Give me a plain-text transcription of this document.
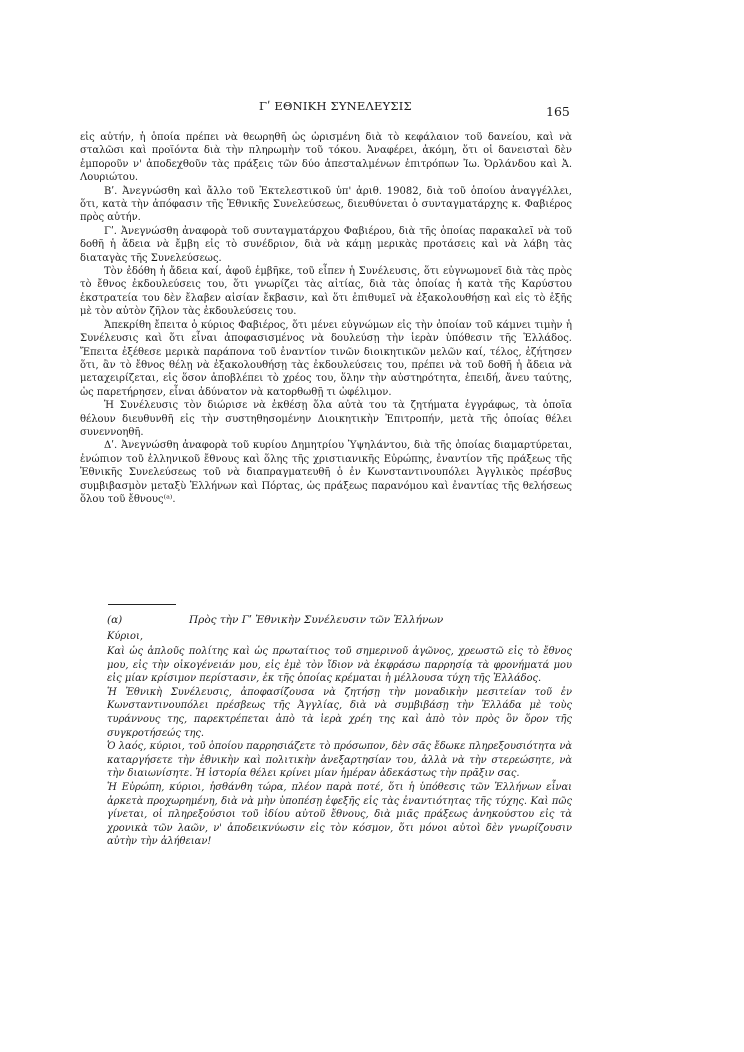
Γʹ ΕΘΝΙΚΗ ΣΥΝΕΛΕΥΣΙΣ	165

εἰς αὐτήν, ἡ ὁποία πρέπει νὰ θεωρηθῆ ὡς ὡρισμένη διὰ τὸ κεφάλαιον τοῦ δανείου, καὶ νὰ σταλῶσι καὶ προϊόντα διὰ τὴν πληρωμὴν τοῦ τόκου. Ἀναφέρει, ἀκόμη, ὅτι οἱ δανεισταὶ δὲν ἐμποροῦν ν' ἀποδεχθοῦν τὰς πράξεις τῶν δύο ἀπεσταλμένων ἐπιτρόπων Ἰω. Ὀρλάνδου καὶ Ἀ. Λουριώτου.

Βʹ. Ἀνεγνώσθη καὶ ἄλλο τοῦ Ἐκτελεστικοῦ ὑπ' ἀριθ. 19082, διὰ τοῦ ὁποίου ἀναγγέλλει, ὅτι, κατὰ τὴν ἀπόφασιν τῆς Ἐθνικῆς Συνελεύσεως, διευθύνεται ὁ συνταγματάρχης κ. Φαβιέρος πρὸς αὐτήν.

Γʹ. Ἀνεγνώσθη ἀναφορὰ τοῦ συνταγματάρχου Φαβιέρου, διὰ τῆς ὁποίας παρακαλεῖ νὰ τοῦ δοθῆ ἡ ἄδεια νὰ ἔμβη εἰς τὸ συνέδριον, διὰ νὰ κάμῃ μερικὰς προτάσεις καὶ νὰ λάβη τὰς διαταγὰς τῆς Συνελεύσεως.

Τὸν ἐδόθη ἡ ἄδεια καί, ἀφοῦ ἐμβῆκε, τοῦ εἶπεν ἡ Συνέλευσις, ὅτι εὐγνωμονεῖ διὰ τὰς πρὸς τὸ ἔθνος ἐκδουλεύσεις του, ὅτι γνωρίζει τὰς αἰτίας, διὰ τὰς ὁποίας ἡ κατὰ τῆς Καρύστου ἐκστρατεία του δὲν ἔλαβεν αἰσίαν ἔκβασιν, καὶ ὅτι ἐπιθυμεῖ νὰ ἐξακολουθήσῃ καὶ εἰς τὸ ἑξῆς μὲ τὸν αὐτὸν ζῆλον τὰς ἐκδουλεύσεις του.

Ἀπεκρίθη ἔπειτα ὁ κύριος Φαβιέρος, ὅτι μένει εὐγνώμων εἰς τὴν ὁποίαν τοῦ κάμνει τιμὴν ἡ Συνέλευσις καὶ ὅτι εἶναι ἀποφασισμένος νὰ δουλεύσῃ τὴν ἱερὰν ὑπόθεσιν τῆς Ἑλλάδος. Ἔπειτα ἐξέθεσε μερικὰ παράπονα τοῦ ἐναντίον τινῶν διοικητικῶν μελῶν καί, τέλος, ἐζήτησεν ὅτι, ἂν τὸ ἔθνος θέλῃ νὰ ἐξακολουθήσῃ τὰς ἐκδουλεύσεις του, πρέπει νὰ τοῦ δοθῆ ἡ ἄδεια νὰ μεταχειρίζεται, εἰς ὅσον ἀποβλέπει τὸ χρέος του, ὅλην τὴν αὐστηρότητα, ἐπειδή, ἄνευ ταύτης, ὡς παρετήρησεν, εἶναι ἀδύνατον νὰ κατορθωθῇ τι ὠφέλιμον.

Ἡ Συνέλευσις τὸν διώρισε νὰ ἐκθέσῃ ὅλα αὐτὰ του τὰ ζητήματα ἐγγράφως, τὰ ὁποῖα θέλουν διευθυνθῆ εἰς τὴν συστηθησομένην Διοικητικὴν Ἐπιτροπήν, μετὰ τῆς ὁποίας θέλει συνεννοηθῆ.

Δʹ. Ἀνεγνώσθη ἀναφορὰ τοῦ κυρίου Δημητρίου Ὑψηλάντου, διὰ τῆς ὁποίας διαμαρτύρεται, ἐνώπιον τοῦ ἑλληνικοῦ ἔθνους καὶ ὅλης τῆς χριστιανικῆς Εὐρώπης, ἐναντίον τῆς πράξεως τῆς Ἐθνικῆς Συνελεύσεως τοῦ νὰ διαπραγματευθῆ ὁ ἐν Κωνσταντινουπόλει Ἀγγλικὸς πρέσβυς συμβιβασμὸν μεταξὺ Ἑλλήνων καὶ Πόρτας, ὡς πράξεως παρανόμου καὶ ἐναντίας τῆς θελήσεως ὅλου τοῦ ἔθνους⁽ᵃ⁾.

(α)	Πρὸς τὴν Γʹ Ἐθνικὴν Συνέλευσιν τῶν Ἑλλήνων

Κύριοι,

Καὶ ὡς ἁπλοῦς πολίτης καὶ ὡς πρωταίτιος τοῦ σημερινοῦ ἀγῶνος, χρεωστῶ εἰς τὸ ἔθνος μου, εἰς τὴν οἰκογένειάν μου, εἰς ἐμὲ τὸν ἴδιον νὰ ἐκφράσω παρρησίᾳ τὰ φρονήματά μου εἰς μίαν κρίσιμον περίστασιν, ἐκ τῆς ὁποίας κρέμαται ἡ μέλλουσα τύχη τῆς Ἑλλάδος.

Ἡ Ἐθνικὴ Συνέλευσις, ἀποφασίζουσα νὰ ζητήσῃ τὴν μοναδικὴν μεσιτείαν τοῦ ἐν Κωνσταντινουπόλει πρέσβεως τῆς Ἀγγλίας, διὰ νὰ συμβιβάσῃ τὴν Ἑλλάδα μὲ τοὺς τυράννους της, παρεκτρέπεται ἀπὸ τὰ ἱερὰ χρέη της καὶ ἀπὸ τὸν πρὸς ὃν ὅρον τῆς συγκροτήσεώς της.

Ὁ λαός, κύριοι, τοῦ ὁποίου παρρησιάζετε τὸ πρόσωπον, δὲν σᾶς ἔδωκε πληρεξουσιότητα νὰ καταργήσετε τὴν ἐθνικὴν καὶ πολιτικὴν ἀνεξαρτησίαν του, ἀλλὰ νὰ τὴν στερεώσητε, νὰ τὴν διαιωνίσητε. Ἡ ἱστορία θέλει κρίνει μίαν ἡμέραν ἀδεκάστως τὴν πρᾶξιν σας.

Ἡ Εὐρώπη, κύριοι, ἠσθάνθη τώρα, πλέον παρὰ ποτέ, ὅτι ἡ ὑπόθεσις τῶν Ἑλλήνων εἶναι ἀρκετὰ προχωρημένη, διὰ νὰ μὴν ὑποπέσῃ ἐφεξῆς εἰς τὰς ἐναντιότητας τῆς τύχης. Καὶ πῶς γίνεται, οἱ πληρεξούσιοι τοῦ ἰδίου αὐτοῦ ἔθνους, διὰ μιᾶς πράξεως ἀνηκούστου εἰς τὰ χρονικὰ τῶν λαῶν, ν' ἀποδεικνύωσιν εἰς τὸν κόσμον, ὅτι μόνοι αὐτοὶ δὲν γνωρίζουσιν αὐτὴν τὴν ἀλήθειαν!
